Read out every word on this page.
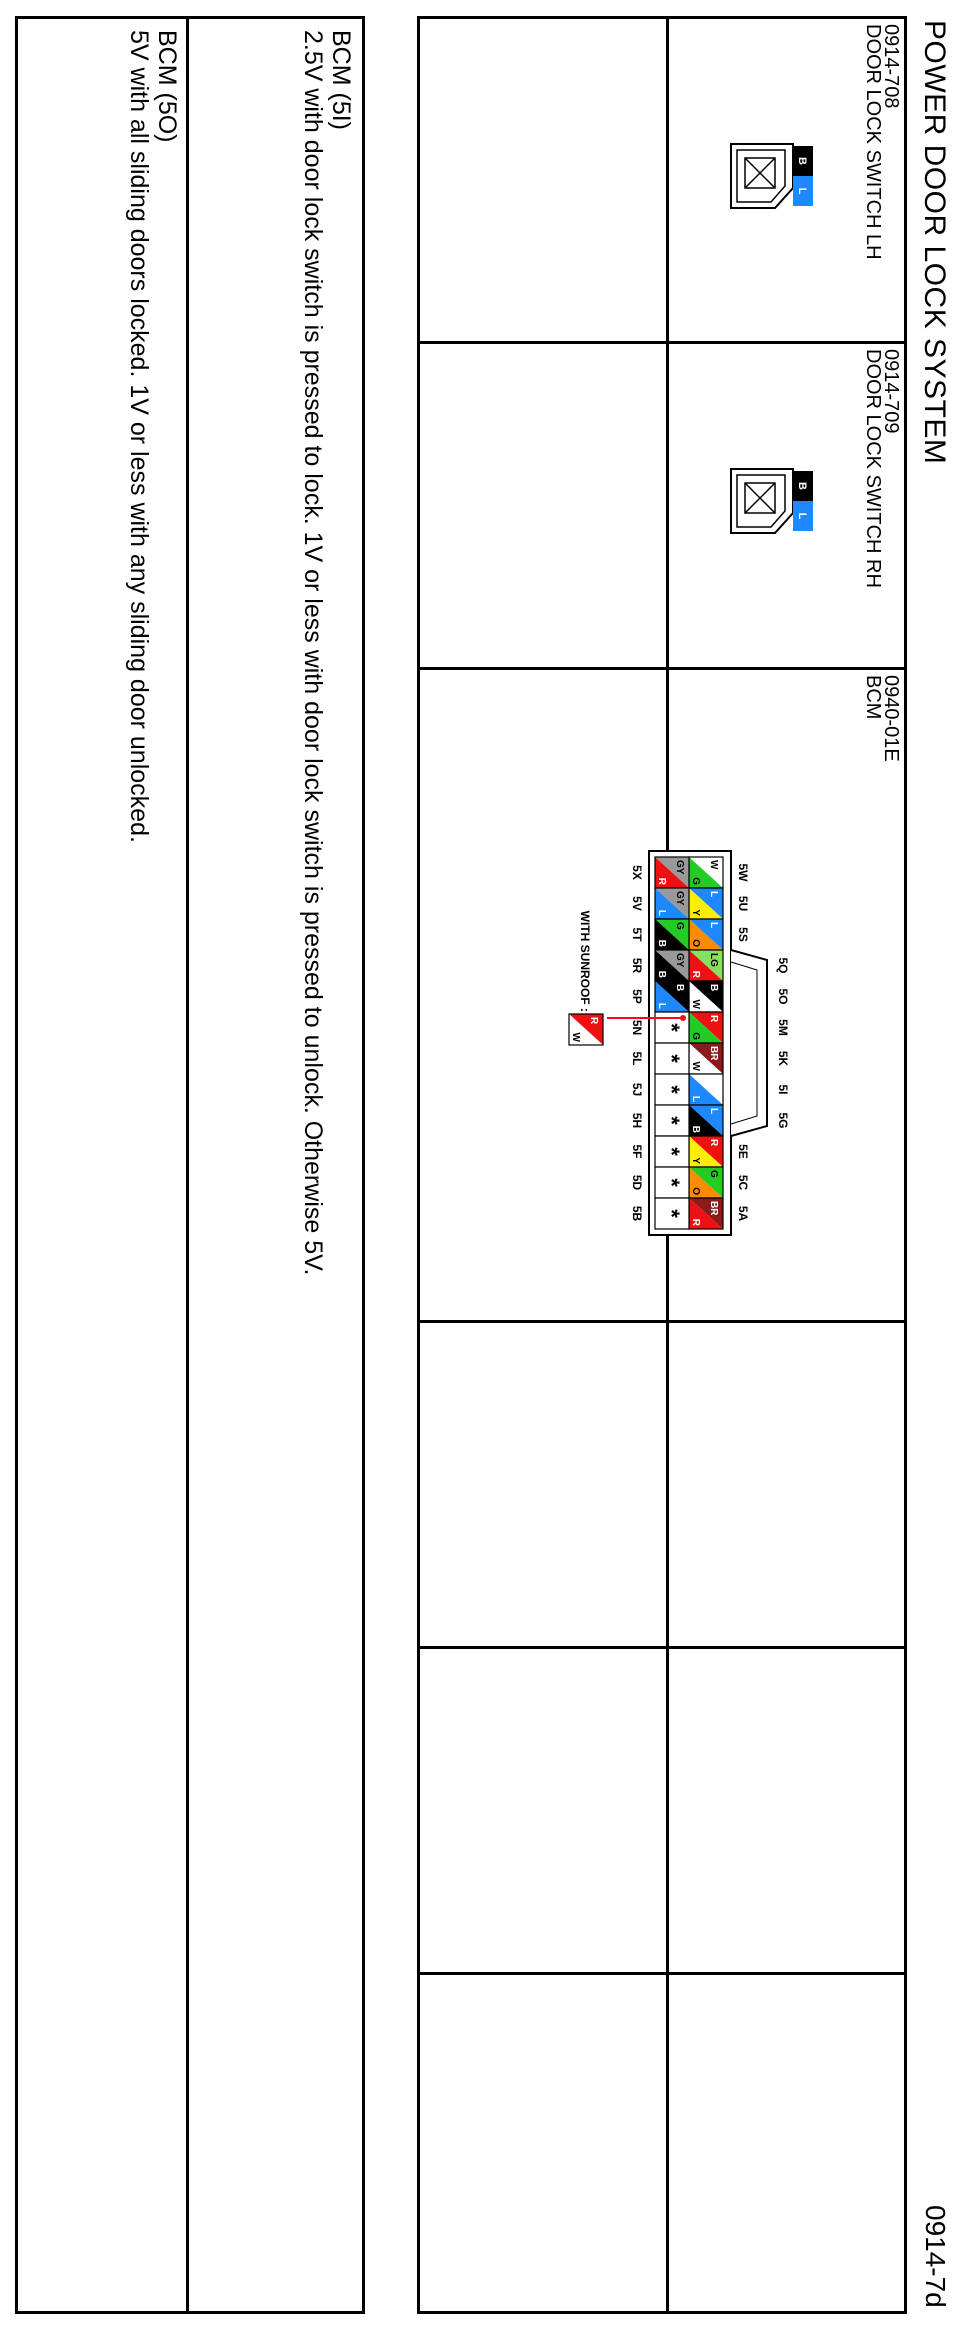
POWER DOOR LOCK SYSTEM
0914-7d
0914-708
DOOR LOCK SWITCH LH
B
L
0914-709
DOOR LOCK SWITCH RH
B
L
0940-01E
BCM
W
G
L
Y
L
O
LG
R
B
W
R
G
BR
W
L
L
B
R
Y
G
O
BR
R
GY
R
GY
L
G
B
GY
B
B
L
*
*
*
*
*
*
*
5Q
5O
5M
5K
5I
5G
5W
5U
5S
5E
5C
5A
5X
5V
5T
5R
5P
5N
5L
5J
5H
5F
5D
5B
WITH SUNROOF :
R
W
BCM (5I)
2.5V with door lock switch is pressed to lock. 1V or less with door lock switch is pressed to unlock. Otherwise 5V.
BCM (5O)
5V with all sliding doors locked. 1V or less with any sliding door unlocked.
